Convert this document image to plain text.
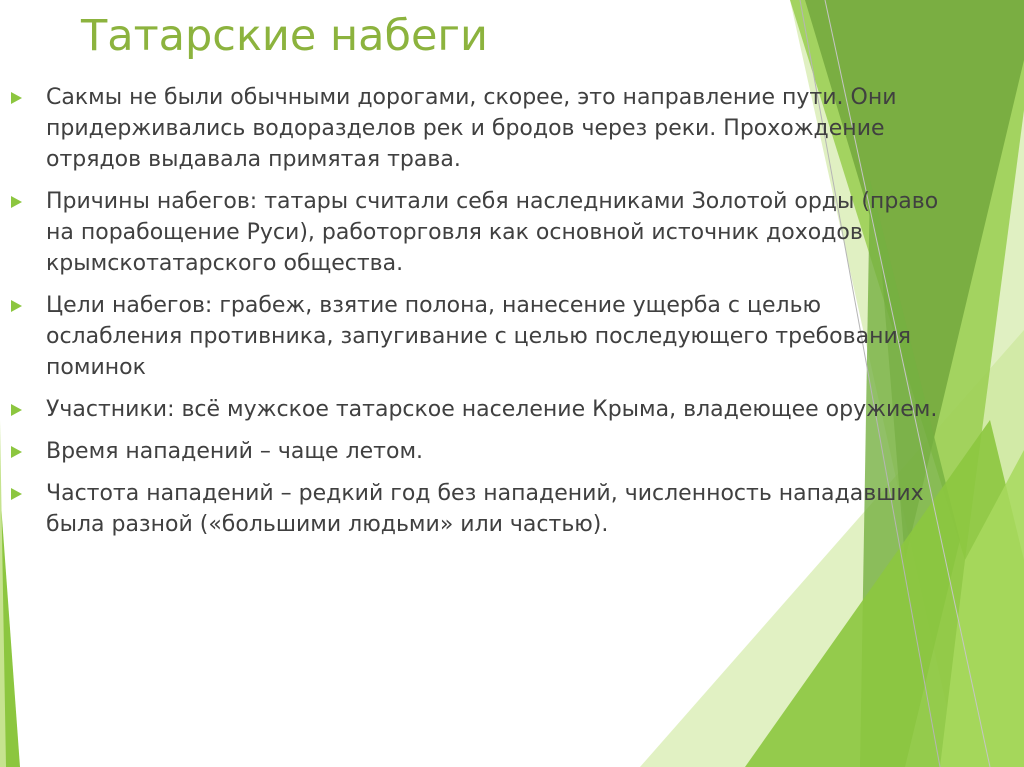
Татарские набеги
Сакмы не были обычными дорогами, скорее, это направление пути. Они придерживались водоразделов рек и бродов через реки. Прохождение отрядов выдавала примятая трава.
Причины набегов: татары считали себя наследниками Золотой орды (право на порабощение Руси), работорговля как основной источник доходов крымскотатарского общества.
Цели набегов: грабеж, взятие полона, нанесение ущерба с целью ослабления противника, запугивание с целью последующего требования поминок
Участники: всё мужское татарское население Крыма, владеющее оружием.
Время нападений – чаще летом.
Частота нападений – редкий год без нападений, численность нападавших была разной («большими людьми» или частью).
